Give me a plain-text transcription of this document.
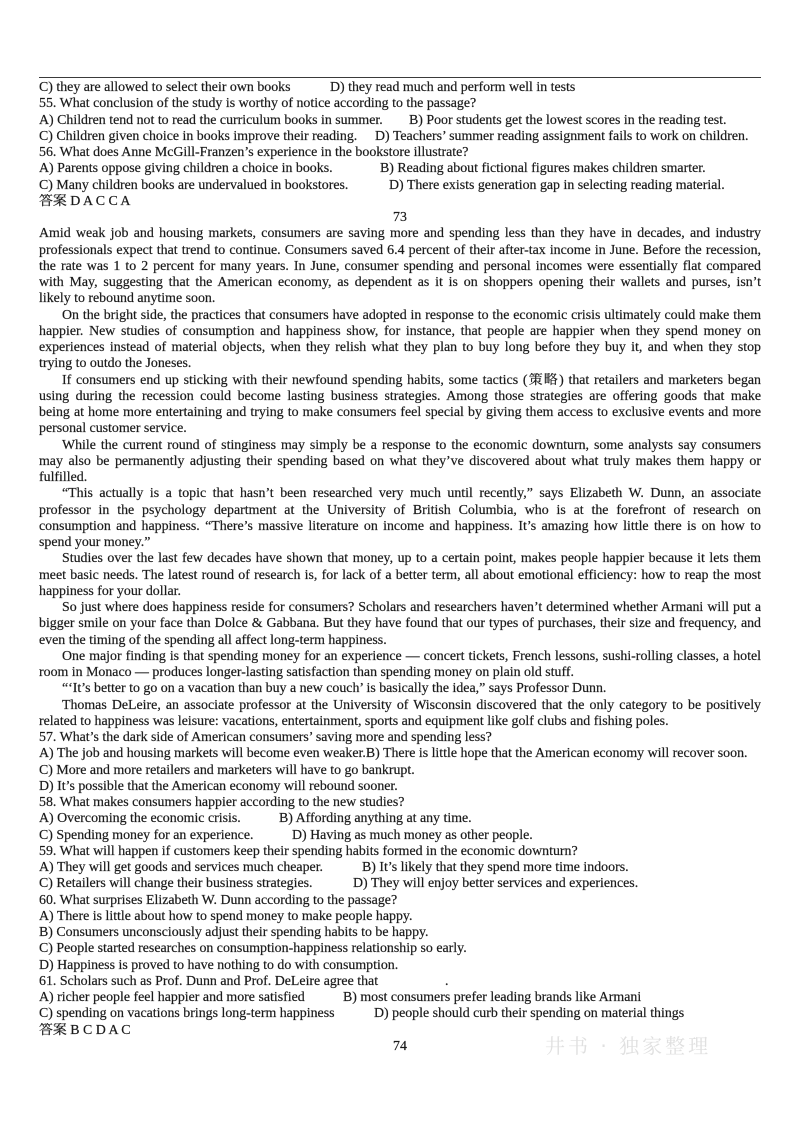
C) they are allowed to select their own books	D) they read much and perform well in tests
55. What conclusion of the study is worthy of notice according to the passage?
A) Children tend not to read the curriculum books in summer. B) Poor students get the lowest scores in the reading test.
C) Children given choice in books improve their reading. D) Teachers’ summer reading assignment fails to work on children.
56. What does Anne McGill-Franzen’s experience in the bookstore illustrate?
A) Parents oppose giving children a choice in books.	B) Reading about fictional figures makes children smarter.
C) Many children books are undervalued in bookstores.	D) There exists generation gap in selecting reading material.
答案 D A C C A
73
Amid weak job and housing markets, consumers are saving more and spending less than they have in decades, and industry
professionals expect that trend to continue. Consumers saved 6.4 percent of their after-tax income in June. Before the recession,
the rate was 1 to 2 percent for many years. In June, consumer spending and personal incomes were essentially flat compared
with May, suggesting that the American economy, as dependent as it is on shoppers opening their wallets and purses, isn’t
likely to rebound anytime soon.
On the bright side, the practices that consumers have adopted in response to the economic crisis ultimately could make them
happier. New studies of consumption and happiness show, for instance, that people are happier when they spend money on
experiences instead of material objects, when they relish what they plan to buy long before they buy it, and when they stop
trying to outdo the Joneses.
If consumers end up sticking with their newfound spending habits, some tactics (策略) that retailers and marketers began
using during the recession could become lasting business strategies. Among those strategies are offering goods that make
being at home more entertaining and trying to make consumers feel special by giving them access to exclusive events and more
personal customer service.
While the current round of stinginess may simply be a response to the economic downturn, some analysts say consumers
may also be permanently adjusting their spending based on what they’ve discovered about what truly makes them happy or
fulfilled.
“This actually is a topic that hasn’t been researched very much until recently,” says Elizabeth W. Dunn, an associate
professor in the psychology department at the University of British Columbia, who is at the forefront of research on
consumption and happiness. “There’s massive literature on income and happiness. It’s amazing how little there is on how to
spend your money.”
Studies over the last few decades have shown that money, up to a certain point, makes people happier because it lets them
meet basic needs. The latest round of research is, for lack of a better term, all about emotional efficiency: how to reap the most
happiness for your dollar.
So just where does happiness reside for consumers? Scholars and researchers haven’t determined whether Armani will put a
bigger smile on your face than Dolce & Gabbana. But they have found that our types of purchases, their size and frequency, and
even the timing of the spending all affect long-term happiness.
One major finding is that spending money for an experience — concert tickets, French lessons, sushi-rolling classes, a hotel
room in Monaco — produces longer-lasting satisfaction than spending money on plain old stuff.
“‘It’s better to go on a vacation than buy a new couch’ is basically the idea,” says Professor Dunn.
Thomas DeLeire, an associate professor at the University of Wisconsin discovered that the only category to be positively
related to happiness was leisure: vacations, entertainment, sports and equipment like golf clubs and fishing poles.
57. What’s the dark side of American consumers’ saving more and spending less?
A) The job and housing markets will become even weaker.B) There is little hope that the American economy will recover soon.
C) More and more retailers and marketers will have to go bankrupt.
D) It’s possible that the American economy will rebound sooner.
58. What makes consumers happier according to the new studies?
A) Overcoming the economic crisis.	B) Affording anything at any time.
C) Spending money for an experience.	D) Having as much money as other people.
59. What will happen if customers keep their spending habits formed in the economic downturn?
A) They will get goods and services much cheaper.	B) It’s likely that they spend more time indoors.
C) Retailers will change their business strategies.	D) They will enjoy better services and experiences.
60. What surprises Elizabeth W. Dunn according to the passage?
A) There is little about how to spend money to make people happy.
B) Consumers unconsciously adjust their spending habits to be happy.
C) People started researches on consumption-happiness relationship so early.
D) Happiness is proved to have nothing to do with consumption.
61. Scholars such as Prof. Dunn and Prof. DeLeire agree that	.
A) richer people feel happier and more satisfied	B) most consumers prefer leading brands like Armani
C) spending on vacations brings long-term happiness	D) people should curb their spending on material things
答案 B C D A C
74	井书 · 独家整理
